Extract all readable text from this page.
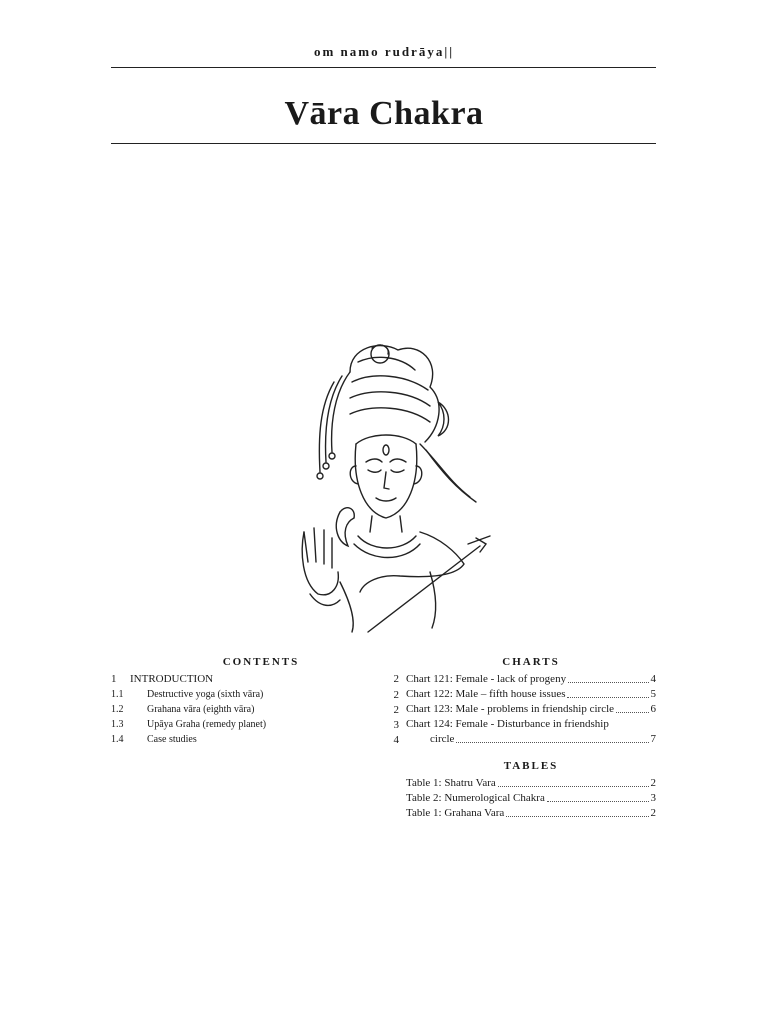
om namo rudrāya||
Vāra Chakra
CONTENTS
1 INTRODUCTION	2
1.1 Destructive yoga (sixth vāra)	2
1.2 Grahana vāra (eighth vāra)	2
1.3 Upāya Graha (remedy planet)	3
1.4 Case studies	4
CHARTS
Chart 121: Female - lack of progeny	4
Chart 122: Male – fifth house issues	5
Chart 123: Male - problems in friendship circle	6
Chart 124: Female - Disturbance in friendship
circle	7
TABLES
Table 1: Shatru Vara	2
Table 2: Numerological Chakra	3
Table 1: Grahana Vara	2
